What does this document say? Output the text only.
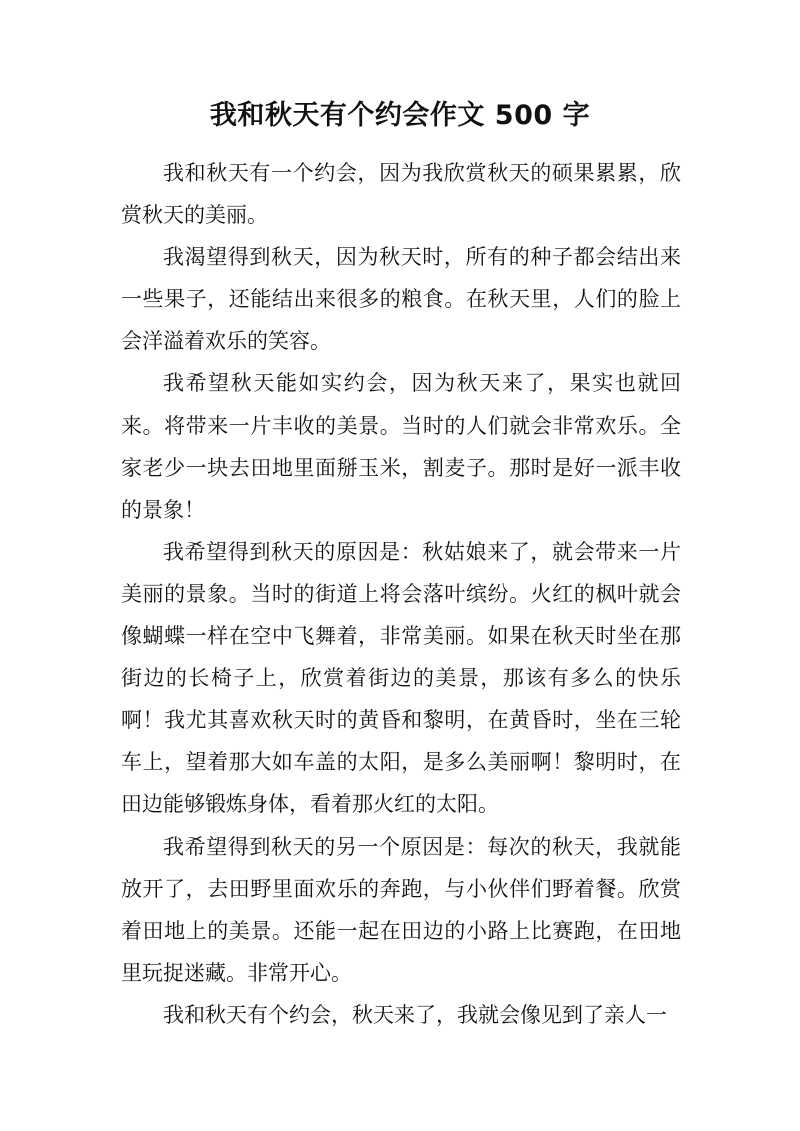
我和秋天有个约会作文 500 字

我和秋天有一个约会，因为我欣赏秋天的硕果累累，欣赏秋天的美丽。

我渴望得到秋天，因为秋天时，所有的种子都会结出来一些果子，还能结出来很多的粮食。在秋天里，人们的脸上会洋溢着欢乐的笑容。

我希望秋天能如实约会，因为秋天来了，果实也就回来。将带来一片丰收的美景。当时的人们就会非常欢乐。全家老少一块去田地里面掰玉米，割麦子。那时是好一派丰收的景象！

我希望得到秋天的原因是：秋姑娘来了，就会带来一片美丽的景象。当时的街道上将会落叶缤纷。火红的枫叶就会像蝴蝶一样在空中飞舞着，非常美丽。如果在秋天时坐在那街边的长椅子上，欣赏着街边的美景，那该有多么的快乐啊！我尤其喜欢秋天时的黄昏和黎明，在黄昏时，坐在三轮车上，望着那大如车盖的太阳，是多么美丽啊！黎明时，在田边能够锻炼身体，看着那火红的太阳。

我希望得到秋天的另一个原因是：每次的秋天，我就能放开了，去田野里面欢乐的奔跑，与小伙伴们野着餐。欣赏着田地上的美景。还能一起在田边的小路上比赛跑，在田地里玩捉迷藏。非常开心。

我和秋天有个约会，秋天来了，我就会像见到了亲人一
